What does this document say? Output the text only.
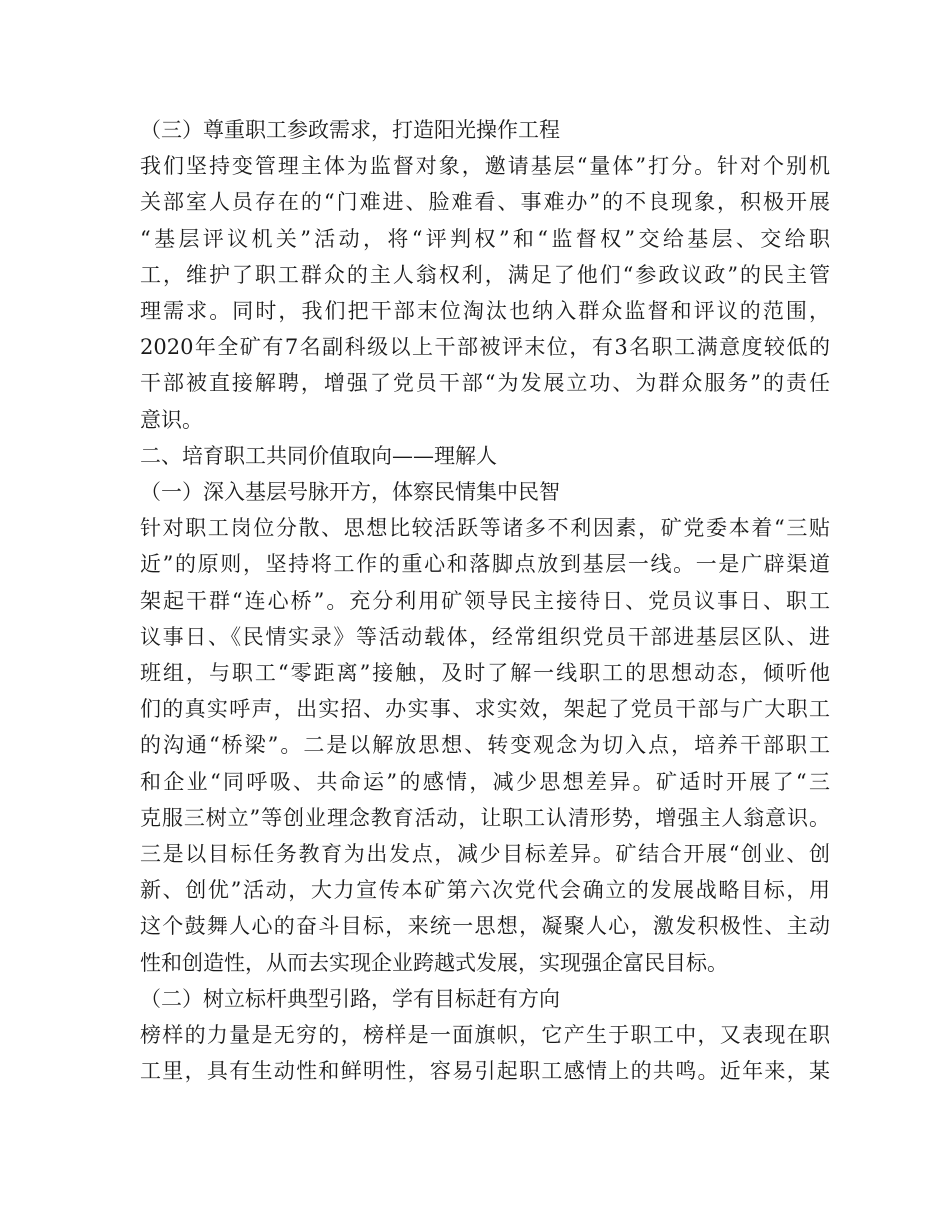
（三）尊重职工参政需求，打造阳光操作工程
我们坚持变管理主体为监督对象，邀请基层“量体”打分。针对个别机
关部室人员存在的“门难进、脸难看、事难办”的不良现象，积极开展
“基层评议机关”活动，将“评判权”和“监督权”交给基层、交给职
工，维护了职工群众的主人翁权利，满足了他们“参政议政”的民主管
理需求。同时，我们把干部末位淘汰也纳入群众监督和评议的范围，
2020年全矿有7名副科级以上干部被评末位，有3名职工满意度较低的
干部被直接解聘，增强了党员干部“为发展立功、为群众服务”的责任
意识。
二、培育职工共同价值取向——理解人
（一）深入基层号脉开方，体察民情集中民智
针对职工岗位分散、思想比较活跃等诸多不利因素，矿党委本着“三贴
近”的原则，坚持将工作的重心和落脚点放到基层一线。一是广辟渠道
架起干群“连心桥”。充分利用矿领导民主接待日、党员议事日、职工
议事日、《民情实录》等活动载体，经常组织党员干部进基层区队、进
班组，与职工“零距离”接触，及时了解一线职工的思想动态，倾听他
们的真实呼声，出实招、办实事、求实效，架起了党员干部与广大职工
的沟通“桥梁”。二是以解放思想、转变观念为切入点，培养干部职工
和企业“同呼吸、共命运”的感情，减少思想差异。矿适时开展了“三
克服三树立”等创业理念教育活动，让职工认清形势，增强主人翁意识。
三是以目标任务教育为出发点，减少目标差异。矿结合开展“创业、创
新、创优”活动，大力宣传本矿第六次党代会确立的发展战略目标，用
这个鼓舞人心的奋斗目标，来统一思想，凝聚人心，激发积极性、主动
性和创造性，从而去实现企业跨越式发展，实现强企富民目标。
（二）树立标杆典型引路，学有目标赶有方向
榜样的力量是无穷的，榜样是一面旗帜，它产生于职工中，又表现在职
工里，具有生动性和鲜明性，容易引起职工感情上的共鸣。近年来，某
